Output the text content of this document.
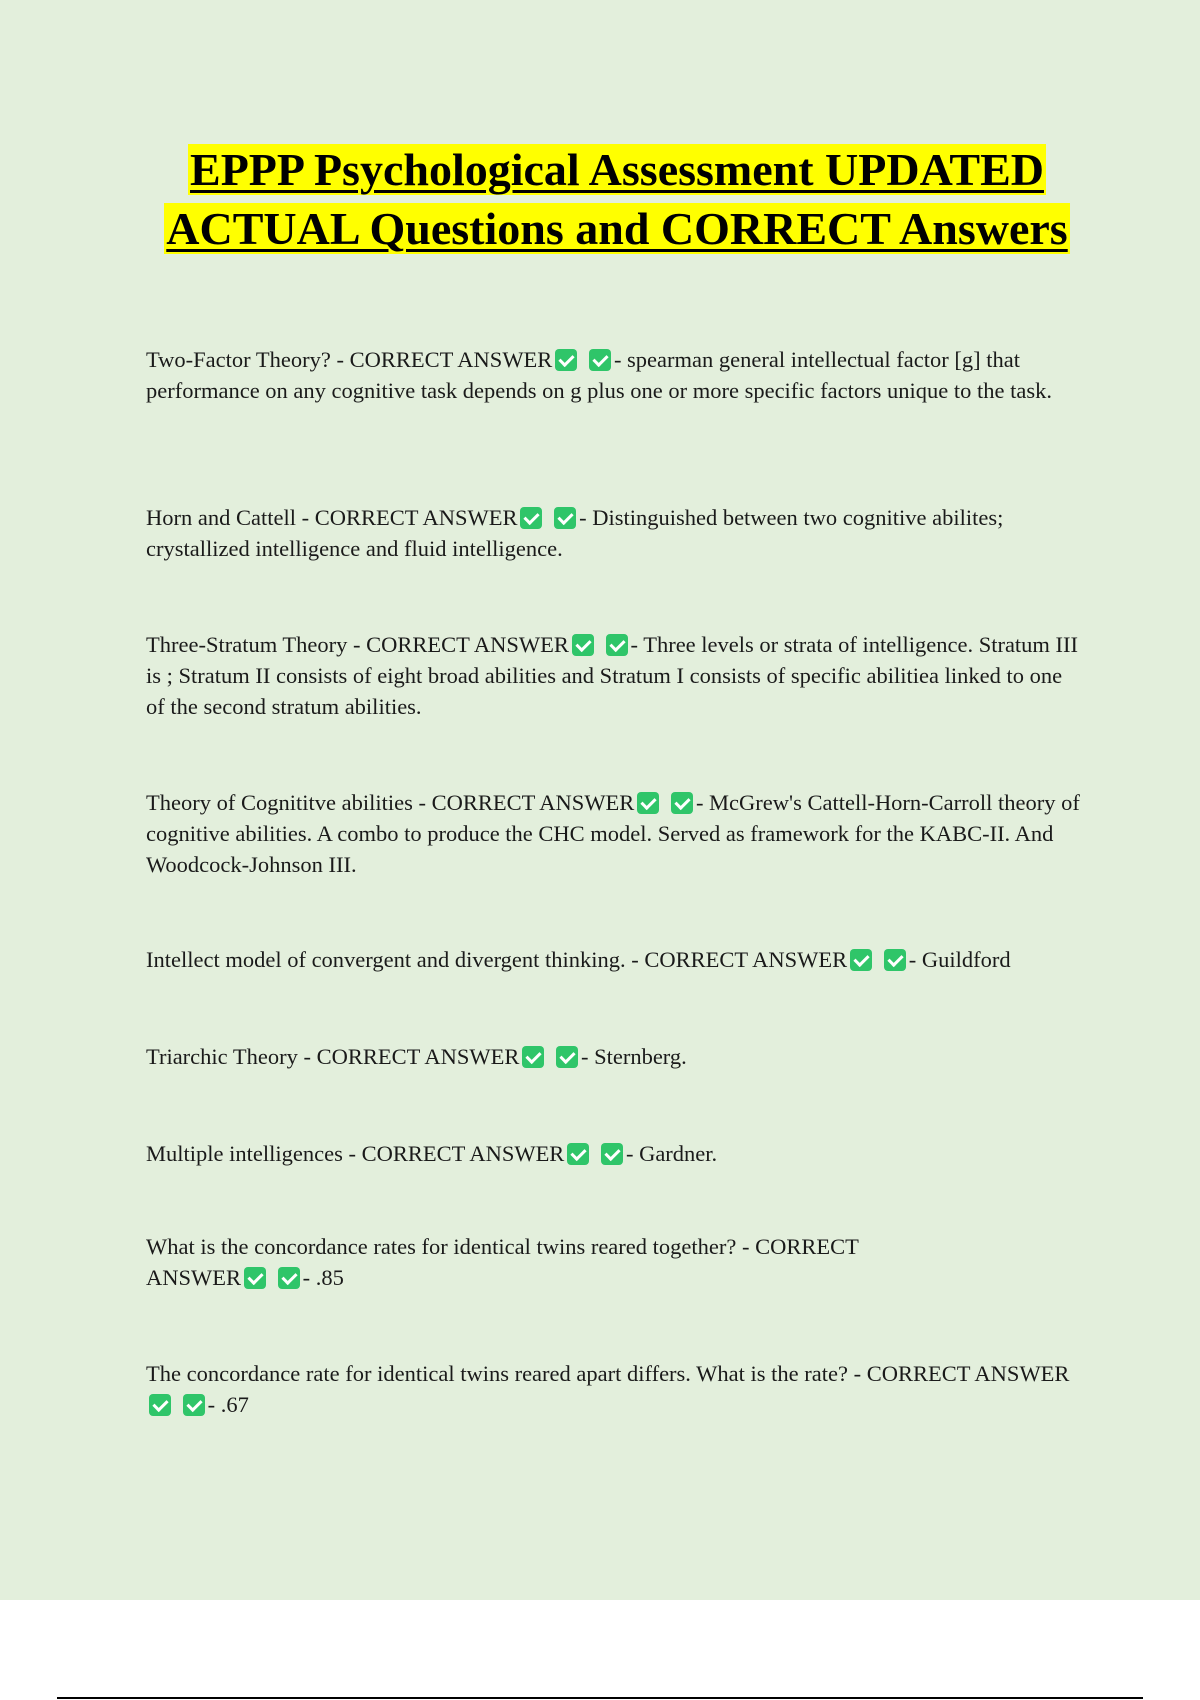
EPPP Psychological Assessment UPDATED ACTUAL Questions and CORRECT Answers

Two-Factor Theory? - CORRECT ANSWER	- spearman general intellectual factor [g] that performance on any cognitive task depends on g plus one or more specific factors unique to the task.

Horn and Cattell - CORRECT ANSWER	- Distinguished between two cognitive abilites; crystallized intelligence and fluid intelligence.

Three-Stratum Theory - CORRECT ANSWER	- Three levels or strata of intelligence. Stratum III is ; Stratum II consists of eight broad abilities and Stratum I consists of specific abilitiea linked to one of the second stratum abilities.

Theory of Cognititve abilities - CORRECT ANSWER	- McGrew's Cattell-Horn-Carroll theory of cognitive abilities. A combo to produce the CHC model. Served as framework for the KABC-II. And Woodcock-Johnson III.

Intellect model of convergent and divergent thinking. - CORRECT ANSWER	- Guildford

Triarchic Theory - CORRECT ANSWER	- Sternberg.

Multiple intelligences - CORRECT ANSWER	- Gardner.

What is the concordance rates for identical twins reared together? - CORRECT ANSWER	- .85

The concordance rate for identical twins reared apart differs. What is the rate? - CORRECT ANSWER - .67
